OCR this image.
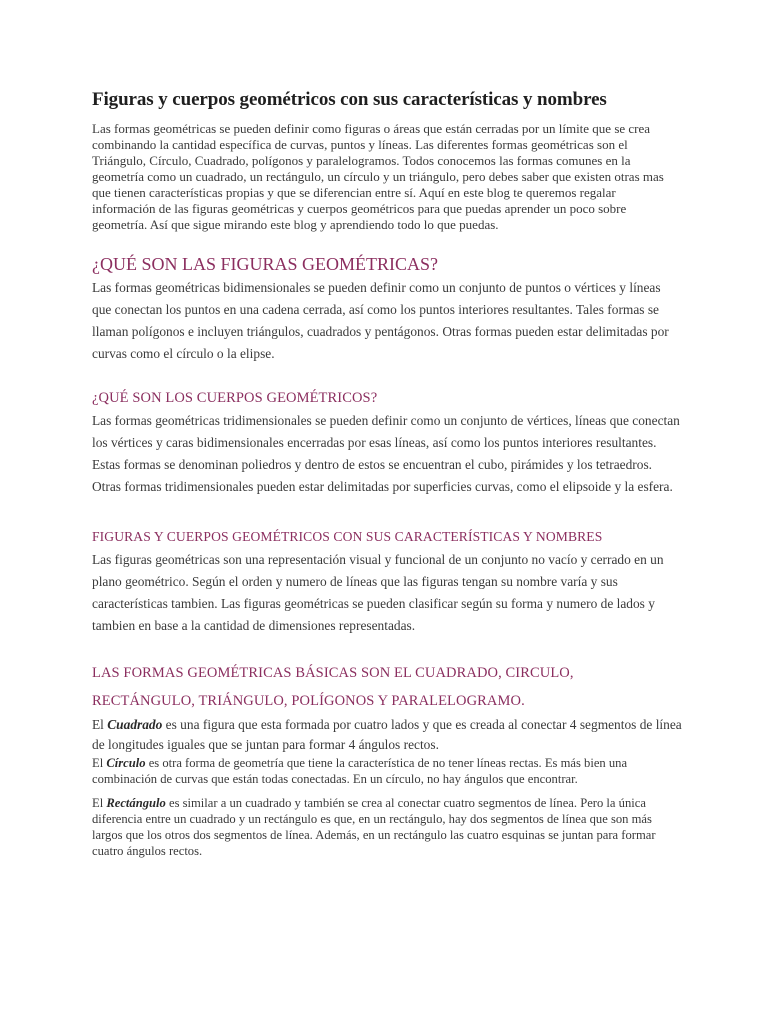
Figuras y cuerpos geométricos con sus características y nombres

Las formas geométricas se pueden definir como figuras o áreas que están cerradas por un límite que se crea combinando la cantidad específica de curvas, puntos y líneas. Las diferentes formas geométricas son el Triángulo, Círculo, Cuadrado, polígonos y paralelogramos. Todos conocemos las formas comunes en la geometría como un cuadrado, un rectángulo, un círculo y un triángulo, pero debes saber que existen otras mas que tienen características propias y que se diferencian entre sí. Aquí en este blog te queremos regalar información de las figuras geométricas y cuerpos geométricos para que puedas aprender un poco sobre geometría. Así que sigue mirando este blog y aprendiendo todo lo que puedas.

¿QUÉ SON LAS FIGURAS GEOMÉTRICAS?

Las formas geométricas bidimensionales se pueden definir como un conjunto de puntos o vértices y líneas que conectan los puntos en una cadena cerrada, así como los puntos interiores resultantes. Tales formas se llaman polígonos e incluyen triángulos, cuadrados y pentágonos. Otras formas pueden estar delimitadas por curvas como el círculo o la elipse.

¿QUÉ SON LOS CUERPOS GEOMÉTRICOS?

Las formas geométricas tridimensionales se pueden definir como un conjunto de vértices, líneas que conectan los vértices y caras bidimensionales encerradas por esas líneas, así como los puntos interiores resultantes. Estas formas se denominan poliedros y dentro de estos se encuentran el cubo, pirámides y los tetraedros. Otras formas tridimensionales pueden estar delimitadas por superficies curvas, como el elipsoide y la esfera.

FIGURAS Y CUERPOS GEOMÉTRICOS CON SUS CARACTERÍSTICAS Y NOMBRES

Las figuras geométricas son una representación visual y funcional de un conjunto no vacío y cerrado en un plano geométrico. Según el orden y numero de líneas que las figuras tengan su nombre varía y sus características tambien. Las figuras geométricas se pueden clasificar según su forma y numero de lados y tambien en base a la cantidad de dimensiones representadas.

LAS FORMAS GEOMÉTRICAS BÁSICAS SON EL CUADRADO, CIRCULO, RECTÁNGULO, TRIÁNGULO, POLÍGONOS Y PARALELOGRAMO.

El Cuadrado es una figura que esta formada por cuatro lados y que es creada al conectar 4 segmentos de línea de longitudes iguales que se juntan para formar 4 ángulos rectos.

El Círculo es otra forma de geometría que tiene la característica de no tener líneas rectas. Es más bien una combinación de curvas que están todas conectadas. En un círculo, no hay ángulos que encontrar.

El Rectángulo es similar a un cuadrado y también se crea al conectar cuatro segmentos de línea. Pero la única diferencia entre un cuadrado y un rectángulo es que, en un rectángulo, hay dos segmentos de línea que son más largos que los otros dos segmentos de línea. Además, en un rectángulo las cuatro esquinas se juntan para formar cuatro ángulos rectos.
